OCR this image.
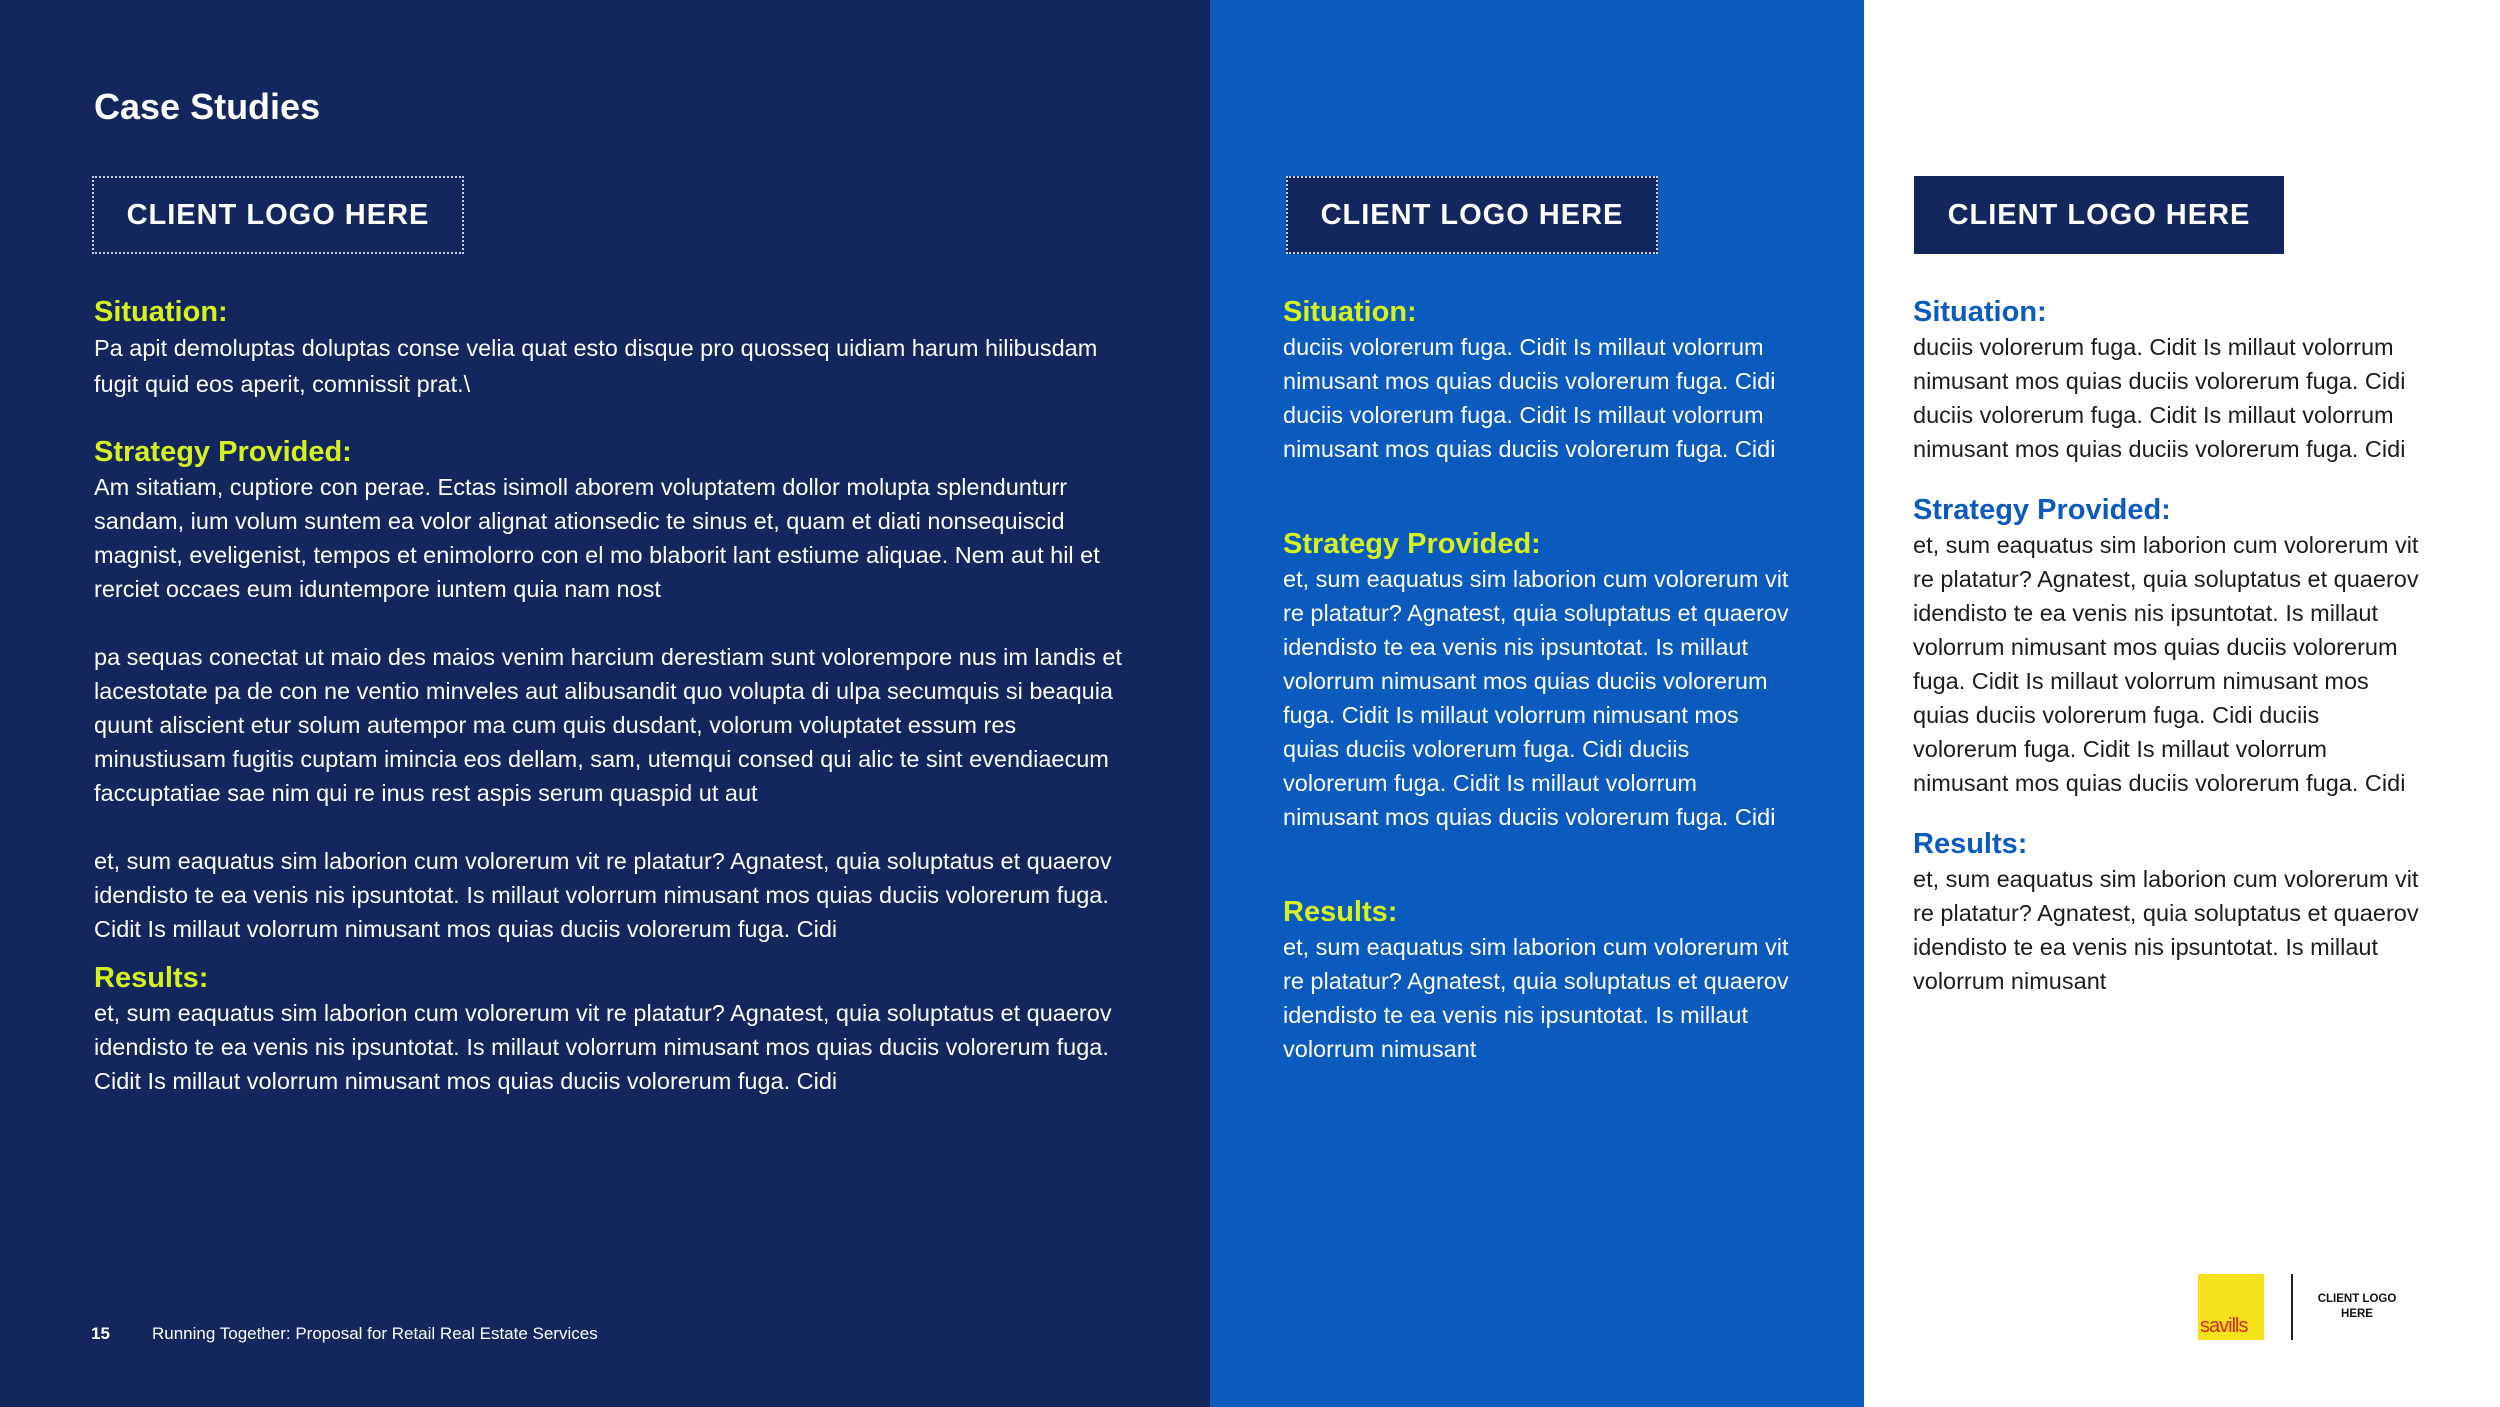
Case Studies
CLIENT LOGO HERE	CLIENT LOGO HERE	CLIENT LOGO HERE

Situation:

Pa apit demoluptas doluptas conse velia quat esto disque pro quosseq uidiam harum hilibusdam fugit quid eos aperit, comnissit prat.\

Strategy Provided:

Am sitatiam, cuptiore con perae. Ectas isimoll aborem voluptatem dollor molupta splendunturr sandam, ium volum suntem ea volor alignat ationsedic te sinus et, quam et diati nonsequiscid magnist, eveligenist, tempos et enimolorro con el mo blaborit lant estiume aliquae. Nem aut hil et rerciet occaes eum iduntempore iuntem quia nam nost

pa sequas conectat ut maio des maios venim harcium derestiam sunt volorempore nus im landis et lacestotate pa de con ne ventio minveles aut alibusandit quo volupta di ulpa secumquis si beaquia quunt aliscient etur solum autempor ma cum quis dusdant, volorum voluptatet essum res minustiusam fugitis cuptam imincia eos dellam, sam, utemqui consed qui alic te sint evendiaecum faccuptatiae sae nim qui re inus rest aspis serum quaspid ut aut

et, sum eaquatus sim laborion cum volorerum vit re platatur? Agnatest, quia soluptatus et quaerov idendisto te ea venis nis ipsuntotat. Is millaut volorrum nimusant mos quias duciis volorerum fuga. Cidit Is millaut volorrum nimusant mos quias duciis volorerum fuga. Cidi

Results:

et, sum eaquatus sim laborion cum volorerum vit re platatur? Agnatest, quia soluptatus et quaerov idendisto te ea venis nis ipsuntotat. Is millaut volorrum nimusant mos quias duciis volorerum fuga. Cidit Is millaut volorrum nimusant mos quias duciis volorerum fuga. Cidi

Situation:

duciis volorerum fuga. Cidit Is millaut volorrum nimusant mos quias duciis volorerum fuga. Cidi duciis volorerum fuga. Cidit Is millaut volorrum nimusant mos quias duciis volorerum fuga. Cidi

Strategy Provided:

et, sum eaquatus sim laborion cum volorerum vit re platatur? Agnatest, quia soluptatus et quaerov idendisto te ea venis nis ipsuntotat. Is millaut volorrum nimusant mos quias duciis volorerum fuga. Cidit Is millaut volorrum nimusant mos quias duciis volorerum fuga. Cidi duciis volorerum fuga. Cidit Is millaut volorrum nimusant mos quias duciis volorerum fuga. Cidi

Results:

et, sum eaquatus sim laborion cum volorerum vit re platatur? Agnatest, quia soluptatus et quaerov idendisto te ea venis nis ipsuntotat. Is millaut volorrum nimusant

Situation:

duciis volorerum fuga. Cidit Is millaut volorrum nimusant mos quias duciis volorerum fuga. Cidi duciis volorerum fuga. Cidit Is millaut volorrum nimusant mos quias duciis volorerum fuga. Cidi

Strategy Provided:

et, sum eaquatus sim laborion cum volorerum vit re platatur? Agnatest, quia soluptatus et quaerov idendisto te ea venis nis ipsuntotat. Is millaut volorrum nimusant mos quias duciis volorerum fuga. Cidit Is millaut volorrum nimusant mos quias duciis volorerum fuga. Cidi duciis volorerum fuga. Cidit Is millaut volorrum nimusant mos quias duciis volorerum fuga. Cidi

Results:

et, sum eaquatus sim laborion cum volorerum vit re platatur? Agnatest, quia soluptatus et quaerov idendisto te ea venis nis ipsuntotat. Is millaut volorrum nimusant

15 Running Together: Proposal for Retail Real Estate Services	savills
CLIENT LOGO HERE
